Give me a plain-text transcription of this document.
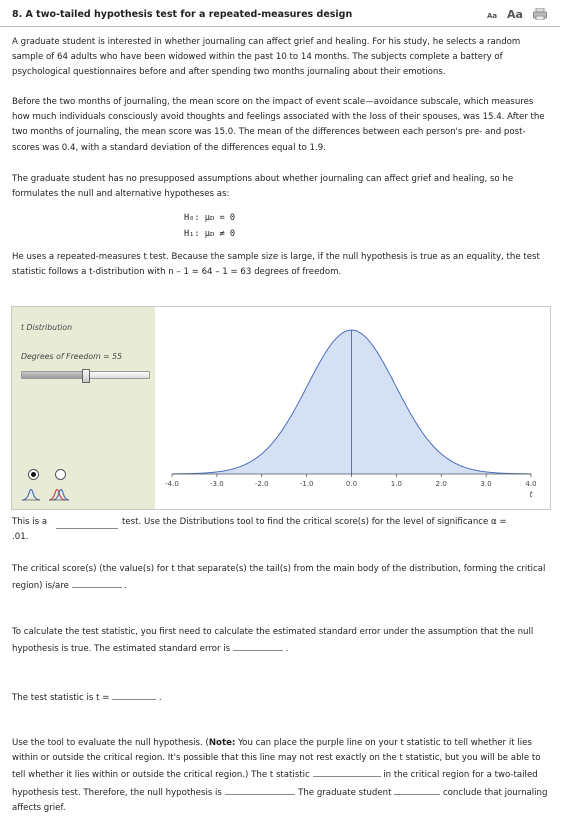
8. A two-tailed hypothesis test for a repeated-measures design	Aa Aa
A graduate student is interested in whether journaling can affect grief and healing. For his study, he selects a random sample of 64 adults who have been widowed within the past 10 to 14 months. The subjects complete a battery of psychological questionnaires before and after spending two months journaling about their emotions.
Before the two months of journaling, the mean score on the impact of event scale—avoidance subscale, which measures how much individuals consciously avoid thoughts and feelings associated with the loss of their spouses, was 15.4. After the two months of journaling, the mean score was 15.0. The mean of the differences between each person's pre- and post- scores was 0.4, with a standard deviation of the differences equal to 1.9.
The graduate student has no presupposed assumptions about whether journaling can affect grief and healing, so he formulates the null and alternative hypotheses as:
H₀: μᴅ = 0
H₁: μᴅ ≠ 0
He uses a repeated-measures t test. Because the sample size is large, if the null hypothesis is true as an equality, the test statistic follows a t-distribution with n – 1 = 64 – 1 = 63 degrees of freedom.
t Distribution
Degrees of Freedom = 55
-4.0	-3.0	-2.0	-1.0	0.0	1.0	2.0	3.0	4.0
t
This is a	test. Use the Distributions tool to find the critical score(s) for the level of significance α =
.01.
The critical score(s) (the value(s) for t that separate(s) the tail(s) from the main body of the distribution, forming the critical region) is/are	.
To calculate the test statistic, you first need to calculate the estimated standard error under the assumption that the null hypothesis is true. The estimated standard error is	.
The test statistic is t =	.
Use the tool to evaluate the null hypothesis. (Note: You can place the purple line on your t statistic to tell whether it lies within or outside the critical region. It's possible that this line may not rest exactly on the t statistic, but you will be able to tell whether it lies within or outside the critical region.) The t statistic	in the critical region for a two-tailed hypothesis test. Therefore, the null hypothesis is	. The graduate student	conclude that journaling affects grief.
